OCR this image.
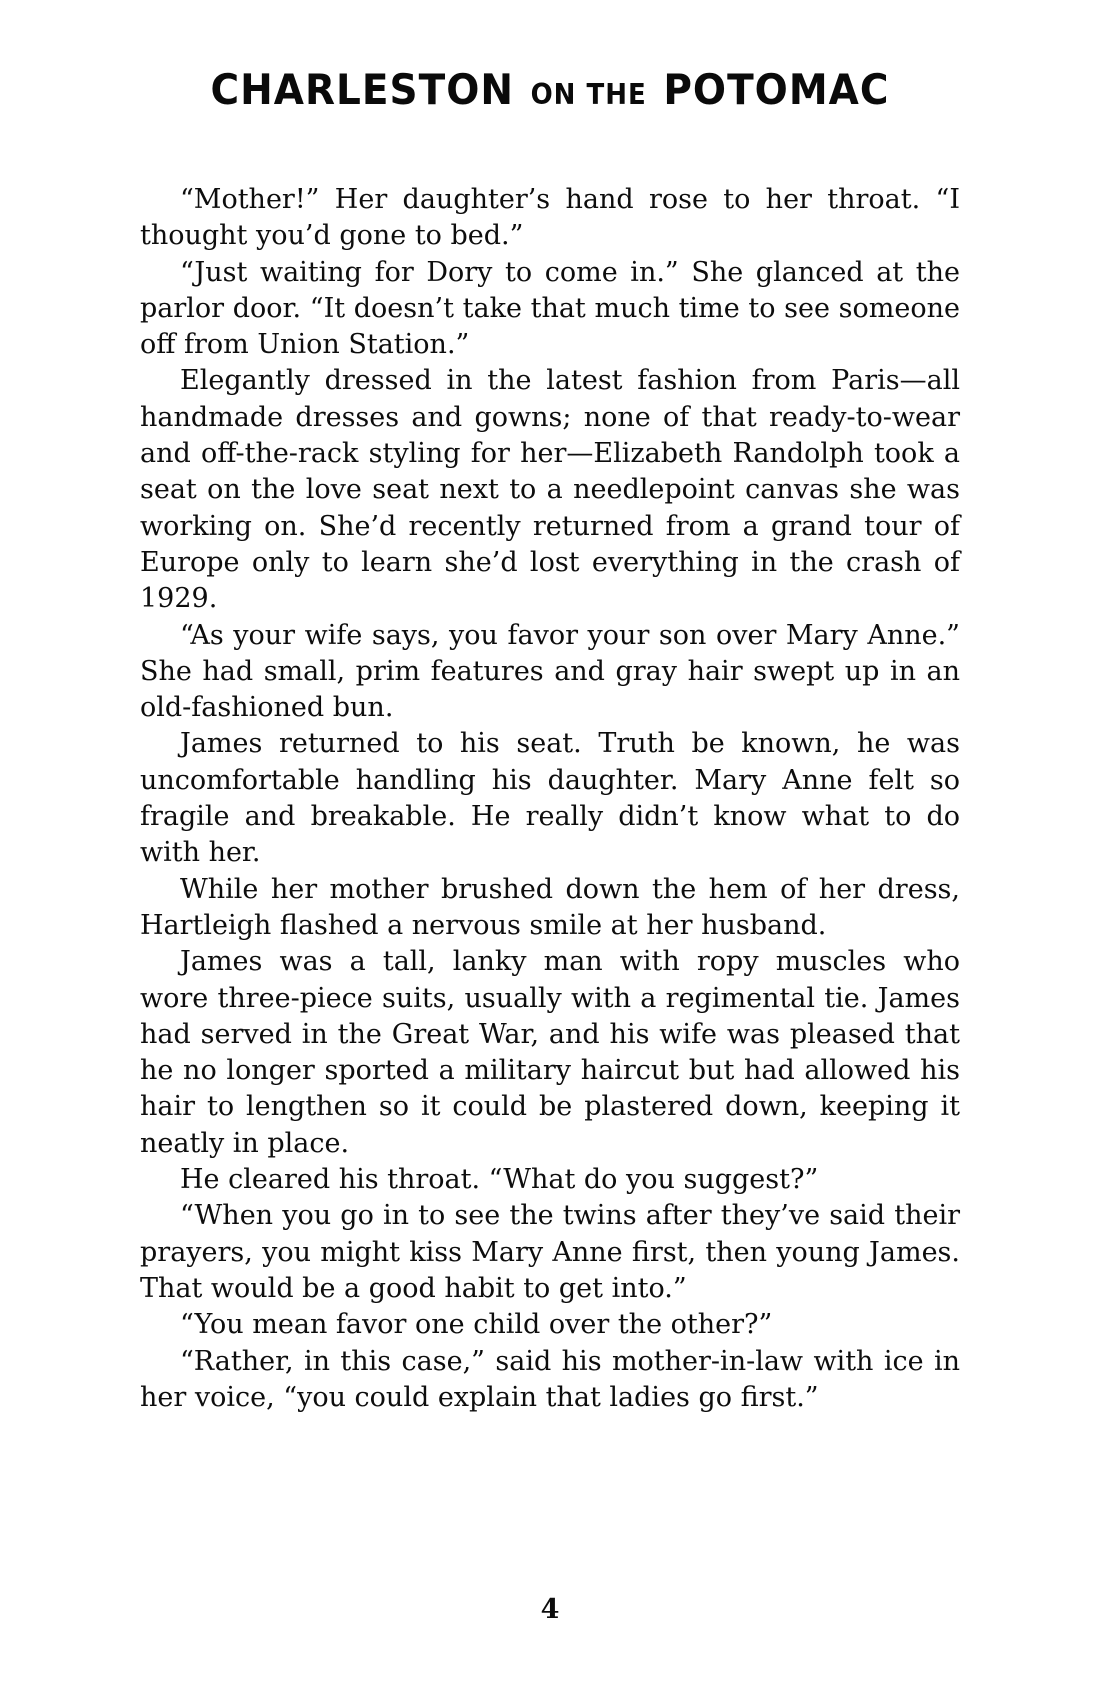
CHARLESTON ON THE POTOMAC

“Mother!” Her daughter’s hand rose to her throat. “I thought you’d gone to bed.”

“Just waiting for Dory to come in.” She glanced at the parlor door. “It doesn’t take that much time to see someone off from Union Station.”

Elegantly dressed in the latest fashion from Paris—all handmade dresses and gowns; none of that ready-to-wear and off-the-rack styling for her—Elizabeth Randolph took a seat on the love seat next to a needlepoint canvas she was working on. She’d recently returned from a grand tour of Europe only to learn she’d lost everything in the crash of 1929.

“As your wife says, you favor your son over Mary Anne.” She had small, prim features and gray hair swept up in an old-fashioned bun.

James returned to his seat. Truth be known, he was uncomfortable handling his daughter. Mary Anne felt so fragile and breakable. He really didn’t know what to do with her.

While her mother brushed down the hem of her dress, Hartleigh flashed a nervous smile at her husband.

James was a tall, lanky man with ropy muscles who wore three-piece suits, usually with a regimental tie. James had served in the Great War, and his wife was pleased that he no longer sported a military haircut but had allowed his hair to lengthen so it could be plastered down, keeping it neatly in place.

He cleared his throat. “What do you suggest?”

“When you go in to see the twins after they’ve said their prayers, you might kiss Mary Anne first, then young James. That would be a good habit to get into.”

“You mean favor one child over the other?”

“Rather, in this case,” said his mother-in-law with ice in her voice, “you could explain that ladies go first.”

4
